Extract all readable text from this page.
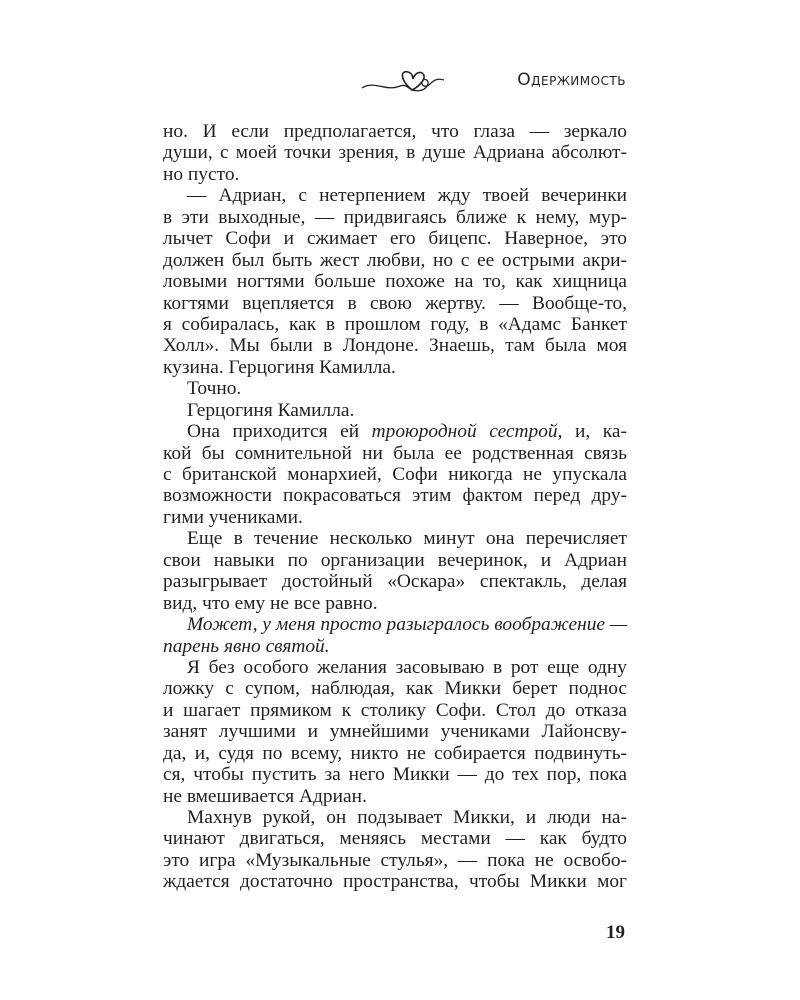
Одержимость
но. И если предполагается, что глаза — зеркало
души, с моей точки зрения, в душе Адриана абсолют-
но пусто.
— Адриан, с нетерпением жду твоей вечеринки
в эти выходные, — придвигаясь ближе к нему, мур-
лычет Софи и сжимает его бицепс. Наверное, это
должен был быть жест любви, но с ее острыми акри-
ловыми ногтями больше похоже на то, как хищница
когтями вцепляется в свою жертву. — Вообще-то,
я собиралась, как в прошлом году, в «Адамс Банкет
Холл». Мы были в Лондоне. Знаешь, там была моя
кузина. Герцогиня Камилла.
Точно.
Герцогиня Камилла.
Она приходится ей троюродной сестрой, и, ка-
кой бы сомнительной ни была ее родственная связь
с британской монархией, Софи никогда не упускала
возможности покрасоваться этим фактом перед дру-
гими учениками.
Еще в течение несколько минут она перечисляет
свои навыки по организации вечеринок, и Адриан
разыгрывает достойный «Оскара» спектакль, делая
вид, что ему не все равно.
Может, у меня просто разыгралось воображение —
парень явно святой.
Я без особого желания засовываю в рот еще одну
ложку с супом, наблюдая, как Микки берет поднос
и шагает прямиком к столику Софи. Стол до отказа
занят лучшими и умнейшими учениками Лайонсву-
да, и, судя по всему, никто не собирается подвинуть-
ся, чтобы пустить за него Микки — до тех пор, пока
не вмешивается Адриан.
Махнув рукой, он подзывает Микки, и люди на-
чинают двигаться, меняясь местами — как будто
это игра «Музыкальные стулья», — пока не освобо-
ждается достаточно пространства, чтобы Микки мог
19
